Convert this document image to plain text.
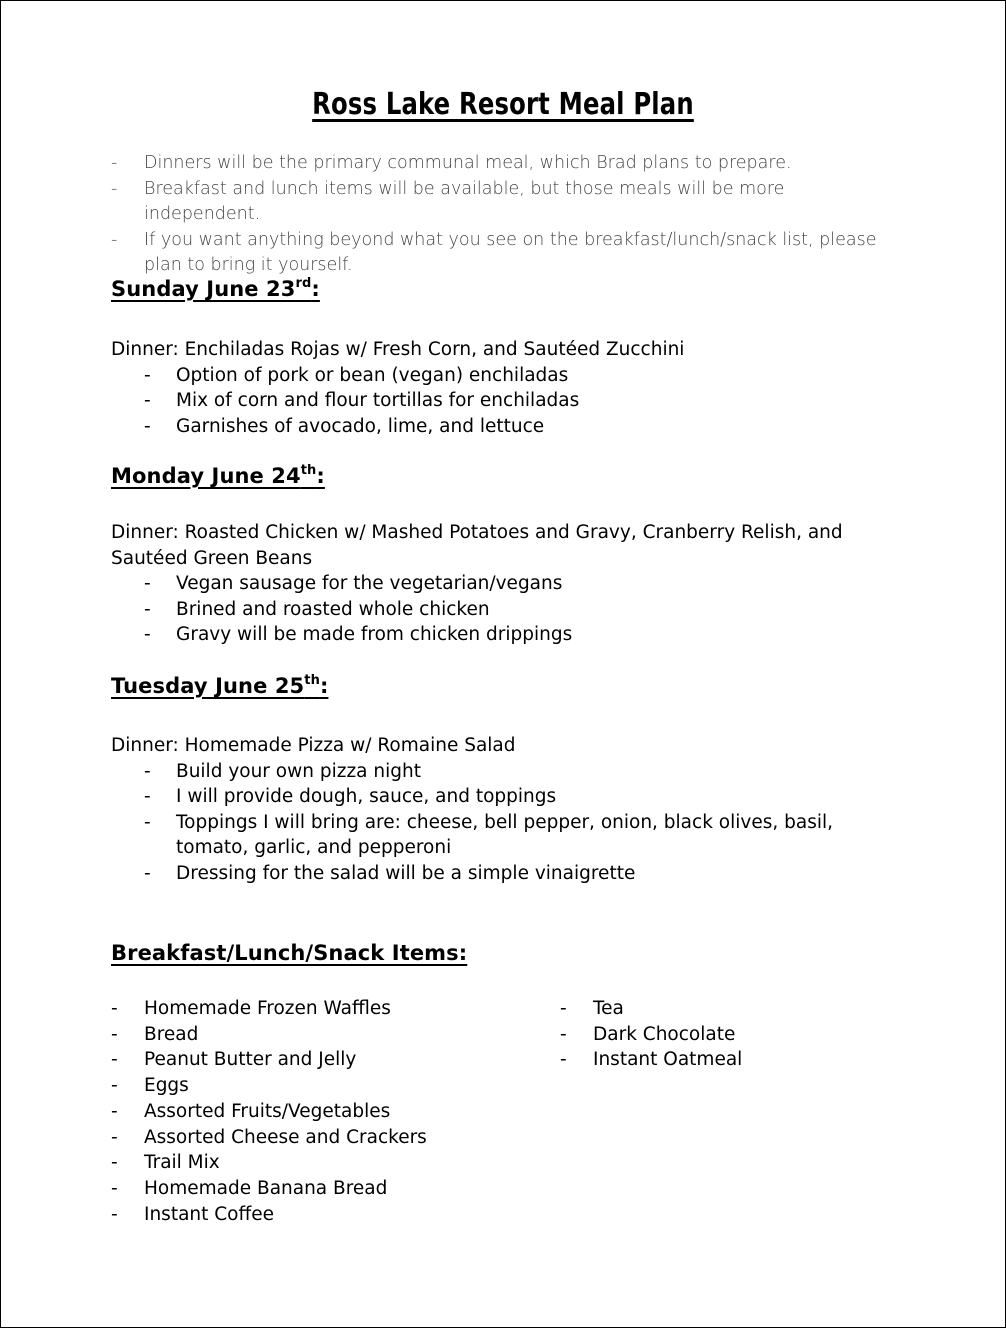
Ross Lake Resort Meal Plan
-	Dinners will be the primary communal meal, which Brad plans to prepare.
-	Breakfast and lunch items will be available, but those meals will be more independent.
-	If you want anything beyond what you see on the breakfast/lunch/snack list, please plan to bring it yourself.
Sunday June 23rd:
Dinner: Enchiladas Rojas w/ Fresh Corn, and Sautéed Zucchini
-	Option of pork or bean (vegan) enchiladas
-	Mix of corn and flour tortillas for enchiladas
-	Garnishes of avocado, lime, and lettuce
Monday June 24th:
Dinner: Roasted Chicken w/ Mashed Potatoes and Gravy, Cranberry Relish, and Sautéed Green Beans
-	Vegan sausage for the vegetarian/vegans
-	Brined and roasted whole chicken
-	Gravy will be made from chicken drippings
Tuesday June 25th:
Dinner: Homemade Pizza w/ Romaine Salad
-	Build your own pizza night
-	I will provide dough, sauce, and toppings
-	Toppings I will bring are: cheese, bell pepper, onion, black olives, basil, tomato, garlic, and pepperoni
-	Dressing for the salad will be a simple vinaigrette
Breakfast/Lunch/Snack Items:
-	Homemade Frozen Waffles
-	Bread
-	Peanut Butter and Jelly
-	Eggs
-	Assorted Fruits/Vegetables
-	Assorted Cheese and Crackers
-	Trail Mix
-	Homemade Banana Bread
-	Instant Coffee
-	Tea
-	Dark Chocolate
-	Instant Oatmeal
